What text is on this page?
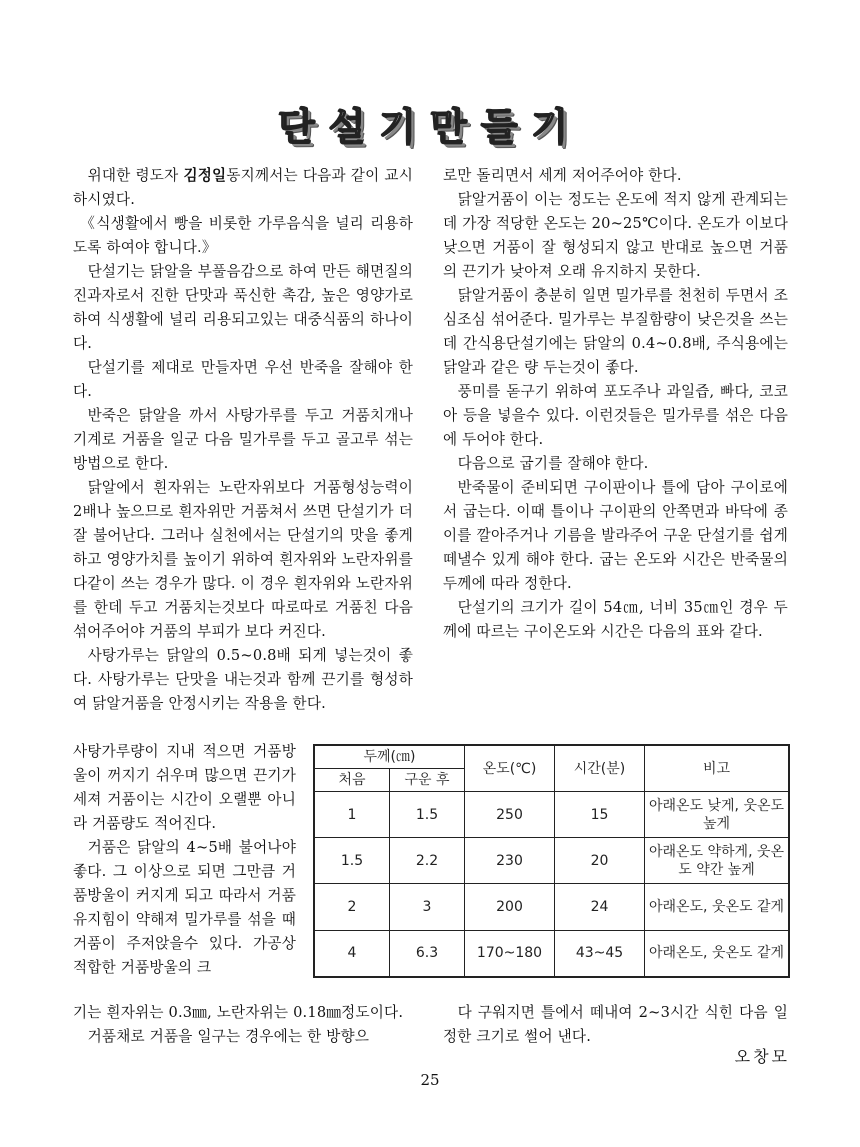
단설기만들기

위대한 령도자 김정일동지께서는 다음과 같이 교시하시였다.

《식생활에서 빵을 비롯한 가루음식을 널리 리용하도록 하여야 합니다.》

단설기는 닭알을 부풀음감으로 하여 만든 해면질의 진과자로서 진한 단맛과 푹신한 촉감, 높은 영양가로 하여 식생활에 널리 리용되고있는 대중식품의 하나이다.

단설기를 제대로 만들자면 우선 반죽을 잘해야 한다.

반죽은 닭알을 까서 사탕가루를 두고 거품치개나 기계로 거품을 일군 다음 밀가루를 두고 골고루 섞는 방법으로 한다.

닭알에서 흰자위는 노란자위보다 거품형성능력이 2배나 높으므로 흰자위만 거품쳐서 쓰면 단설기가 더 잘 불어난다. 그러나 실천에서는 단설기의 맛을 좋게 하고 영양가치를 높이기 위하여 흰자위와 노란자위를 다같이 쓰는 경우가 많다. 이 경우 흰자위와 노란자위를 한데 두고 거품치는것보다 따로따로 거품친 다음 섞어주어야 거품의 부피가 보다 커진다.

사탕가루는 닭알의 0.5~0.8배 되게 넣는것이 좋다. 사탕가루는 단맛을 내는것과 함께 끈기를 형성하여 닭알거품을 안정시키는 작용을 한다.

사탕가루량이 지내 적으면 거품방울이 꺼지기 쉬우며 많으면 끈기가 세져 거품이는 시간이 오랠뿐 아니라 거품량도 적어진다.

거품은 닭알의 4~5배 불어나야 좋다. 그 이상으로 되면 그만큼 거품방울이 커지게 되고 따라서 거품유지힘이 약해져 밀가루를 섞을 때 거품이 주저앉을수 있다. 가공상 적합한 거품방울의 크

기는 흰자위는 0.3㎜, 노란자위는 0.18㎜정도이다.

거품채로 거품을 일구는 경우에는 한 방향으

로만 돌리면서 세게 저어주어야 한다.

닭알거품이 이는 정도는 온도에 적지 않게 관계되는데 가장 적당한 온도는 20~25℃이다. 온도가 이보다 낮으면 거품이 잘 형성되지 않고 반대로 높으면 거품의 끈기가 낮아져 오래 유지하지 못한다.

닭알거품이 충분히 일면 밀가루를 천천히 두면서 조심조심 섞어준다. 밀가루는 부질함량이 낮은것을 쓰는데 간식용단설기에는 닭알의 0.4~0.8배, 주식용에는 닭알과 같은 량 두는것이 좋다.

풍미를 돋구기 위하여 포도주나 과일즙, 빠다, 코코아 등을 넣을수 있다. 이런것들은 밀가루를 섞은 다음에 두어야 한다.

다음으로 굽기를 잘해야 한다.

반죽물이 준비되면 구이판이나 틀에 담아 구이로에서 굽는다. 이때 틀이나 구이판의 안쪽면과 바닥에 종이를 깔아주거나 기름을 발라주어 구운 단설기를 쉽게 떼낼수 있게 해야 한다. 굽는 온도와 시간은 반죽물의 두께에 따라 정한다.

단설기의 크기가 길이 54㎝, 너비 35㎝인 경우 두께에 따르는 구이온도와 시간은 다음의 표와 같다.

두께(㎝)		온도(℃)	시간(분)	비고
처음	구운 후			
1	1.5	250	15	아래온도 낮게, 웃온도 높게
1.5	2.2	230	20	아래온도 약하게, 웃온도 약간 높게
2	3	200	24	아래온도, 웃온도 같게
4	6.3	170~180	43~45	아래온도, 웃온도 같게

다 구워지면 틀에서 떼내여 2~3시간 식힌 다음 일정한 크기로 썰어 낸다.

오창모
25
